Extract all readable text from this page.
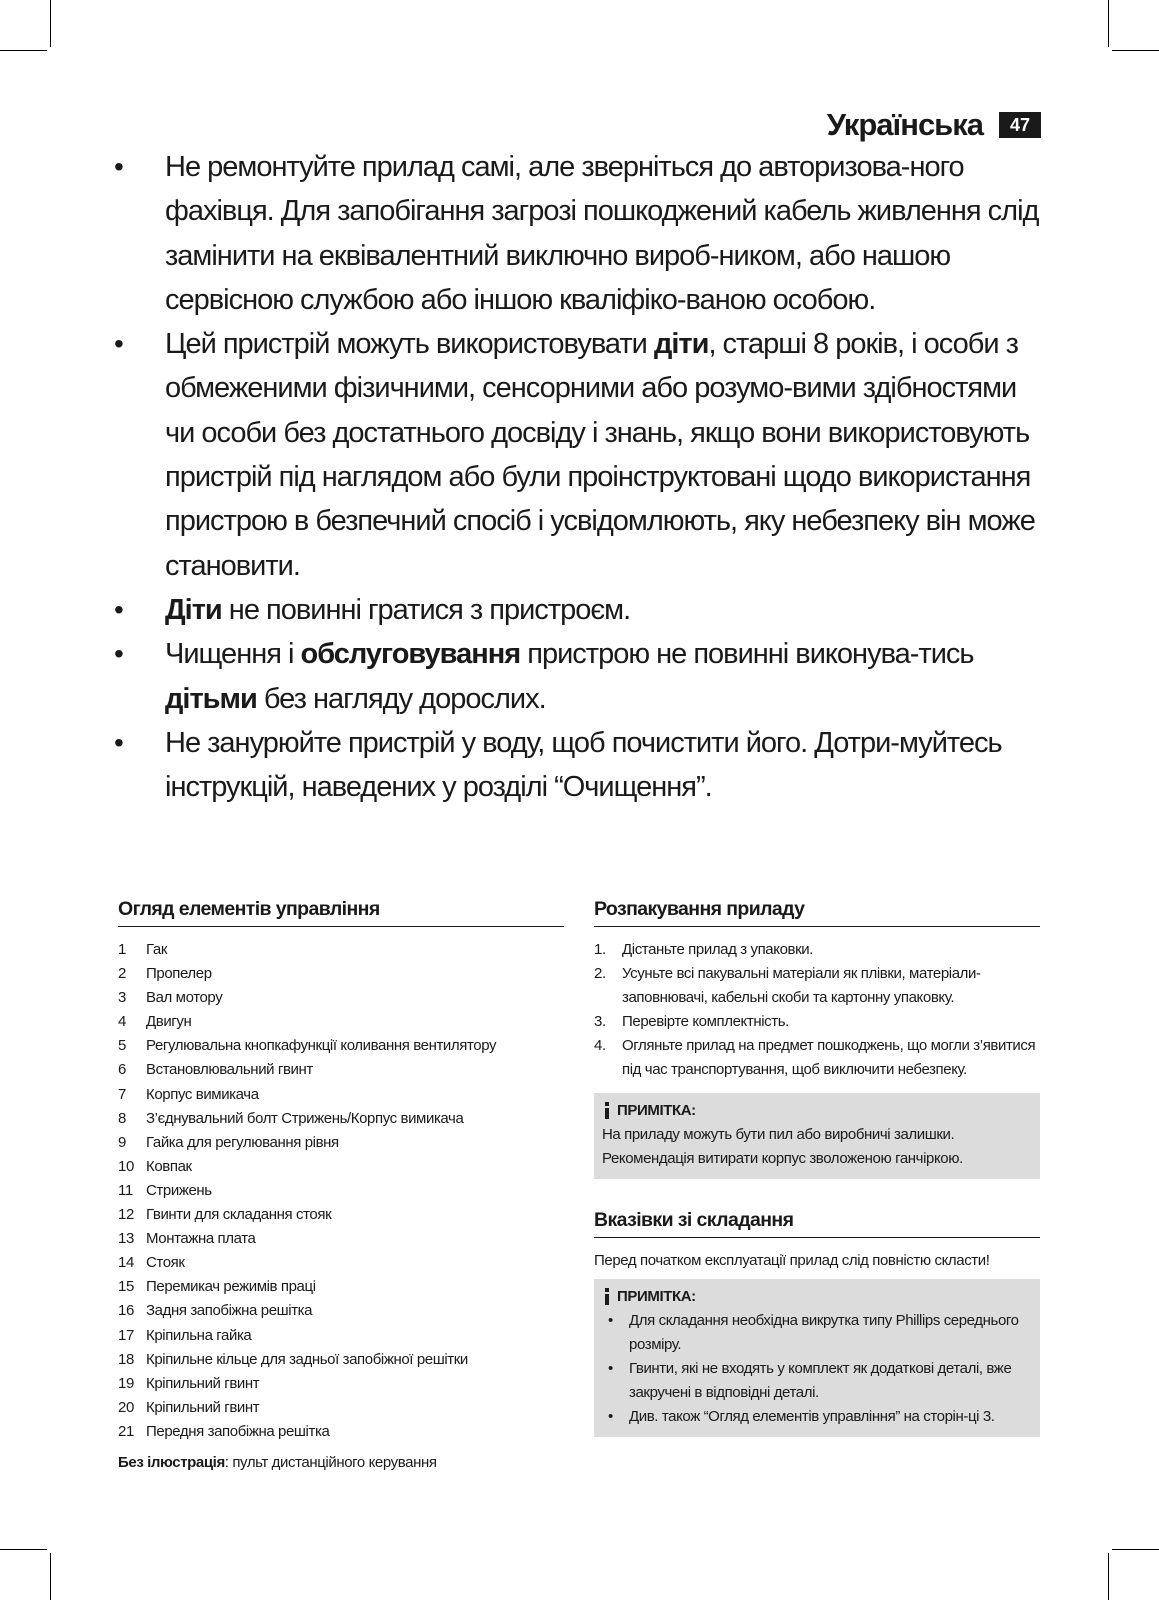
Українська	47
• Не ремонтуйте прилад самі, але зверніться до авторизова-ного фахівця. Для запобігання загрозі пошкоджений кабель живлення слід замінити на еквівалентний виключно вироб-ником, або нашою сервісною службою або іншою кваліфіко-ваною особою.
• Цей пристрій можуть використовувати діти, старші 8 років, і особи з обмеженими фізичними, сенсорними або розумо-вими здібностями чи особи без достатнього досвіду і знань, якщо вони використовують пристрій під наглядом або були проінструктовані щодо використання пристрою в безпечний спосіб і усвідомлюють, яку небезпеку він може становити.
• Діти не повинні гратися з пристроєм.
• Чищення і обслуговування пристрою не повинні виконува-тись дітьми без нагляду дорослих.
• Не занурюйте пристрій у воду, щоб почистити його. Дотри-муйтесь інструкцій, наведених у розділі “Очищення”.
Огляд елементів управління
1	Гак
2	Пропелер
3	Вал мотору
4	Двигун
5	Регулювальна кнопкафункції коливання вентилятору
6	Встановлювальний гвинт
7	Корпус вимикача
8	З’єднувальний болт Стрижень/Корпус вимикача
9	Гайка для регулювання рівня
10 Ковпак
11 Стрижень
12 Гвинти для складання стояк
13 Монтажна плата
14 Стояк
15 Перемикач режимів праці
16 Задня запобіжна решітка
17 Кріпильна гайка
18 Кріпильне кільце для задньої запобіжної решітки
19 Кріпильний гвинт
20 Кріпильний гвинт
21 Передня запобіжна решітка
Без ілюстрація: пульт дистанційного керування
Розпакування приладу
1.	Дістаньте прилад з упаковки.
2.	Усуньте всі пакувальні матеріали як плівки, матеріали-заповнювачі, кабельні скоби та картонну упаковку.
3.	Перевірте комплектність.
4.	Огляньте прилад на предмет пошкоджень, що могли з’явитися під час транспортування, щоб виключити небезпеку.
ПРИМІТКА:
На приладу можуть бути пил або виробничі залишки. Рекомендація витирати корпус зволоженою ганчіркою.
Вказівки зі складання
Перед початком експлуатації прилад слід повністю скласти!
ПРИМІТКА:
• Для складання необхідна викрутка типу Phillips середнього розміру.
• Гвинти, які не входять у комплект як додаткові деталі, вже закручені в відповідні деталі.
• Див. також “Огляд елементів управління” на сторін-ці 3.
